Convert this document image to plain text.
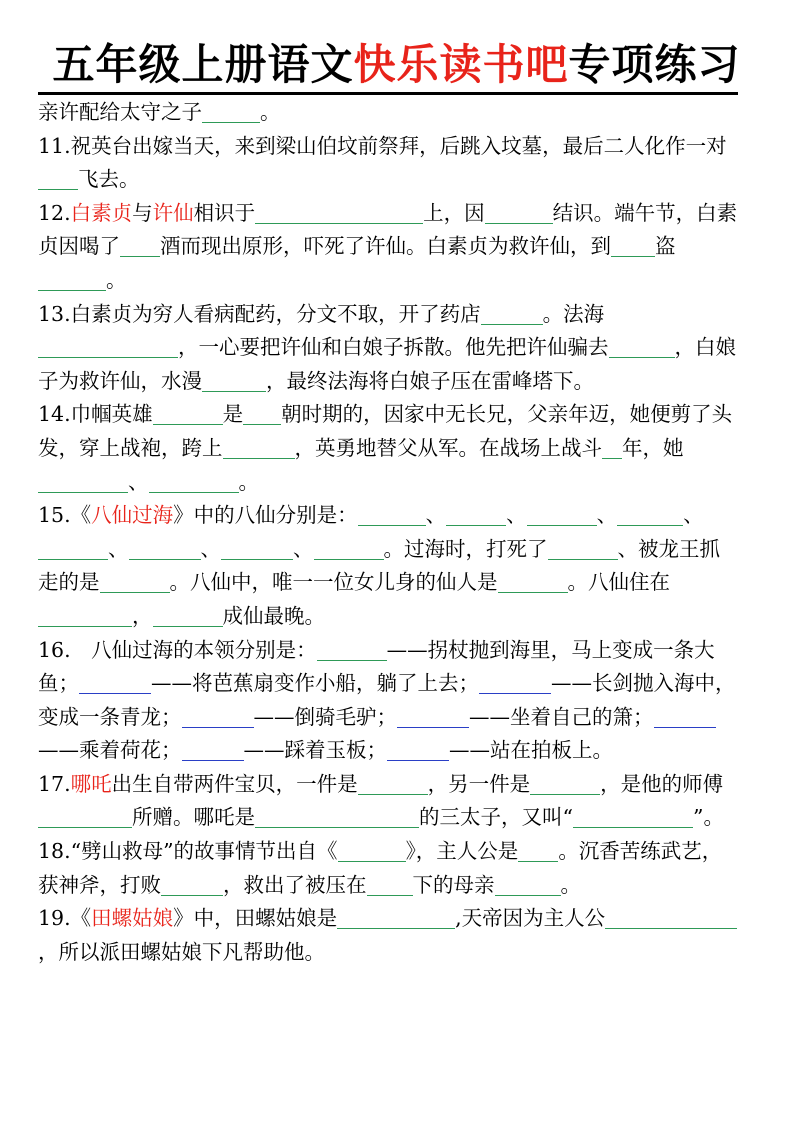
五年级上册语文快乐读书吧专项练习

亲许配给太守之子	。

11.祝英台出嫁当天，来到梁山伯坟前祭拜，后跳入坟墓，最后二人化作一对飞去。

12.白素贞与许仙相识于	上，因	结识。端午节，白素贞因喝了 酒而现出原形，吓死了许仙。白素贞为救许仙，到 盗。

13.白素贞为穷人看病配药，分文不取，开了药店	。法海，一心要把许仙和白娘子拆散。他先把许仙骗去	，白娘子为救许仙，水漫	，最终法海将白娘子压在雷峰塔下。

14.巾帼英雄	是 朝时期的，因家中无长兄，父亲年迈，她便剪了头发，穿上战袍，跨上	，英勇地替父从军。在战场上战斗 年，她、	。

15.《八仙过海》中的八仙分别是：	、	、	、	、、	、	、	。过海时，打死了	、被龙王抓走的是	。八仙中，唯一一位女儿身的仙人是	。八仙住在，	成仙最晚。

16.　八仙过海的本领分别是：	——拐杖抛到海里，马上变成一条大鱼；	——将芭蕉扇变作小船，躺了上去；	——长剑抛入海中，变成一条青龙；	——倒骑毛驴；	——坐着自己的箫；——乘着荷花；	——踩着玉板；	——站在拍板上。

17.哪吒出生自带两件宝贝，一件是	，另一件是	，是他的师傅所赠。哪吒是	的三太子，又叫“	”。

18.“劈山救母”的故事情节出自《	》，主人公是 。沉香苦练武艺，获神斧，打败	，救出了被压在 下的母亲	。

19.《田螺姑娘》中，田螺姑娘是	,天帝因为主人公，所以派田螺姑娘下凡帮助他。
